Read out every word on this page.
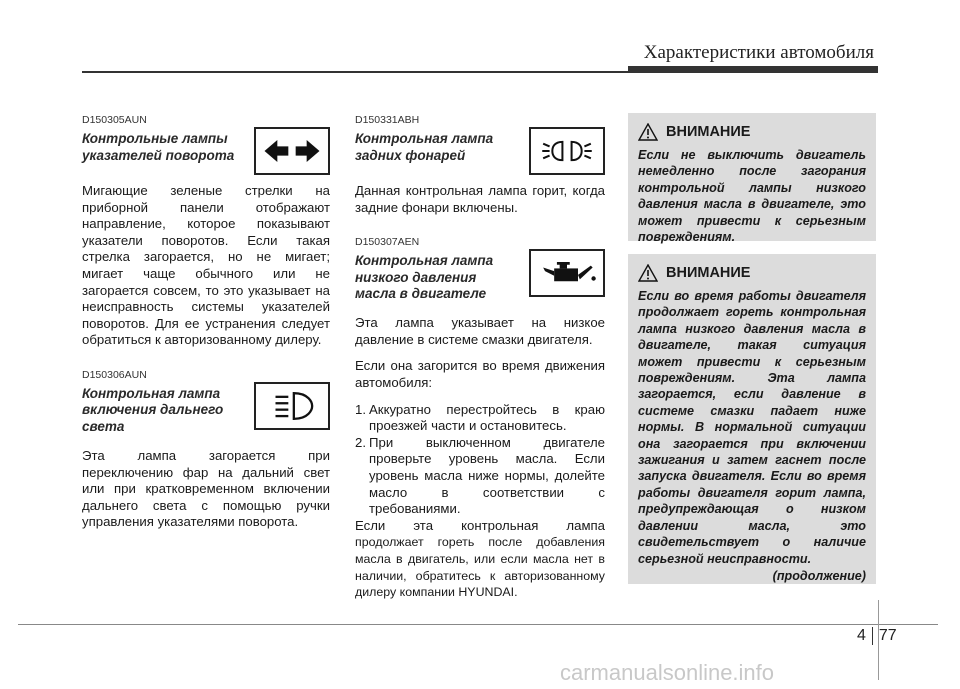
Характеристики автомобиля
D150305AUN
Контрольные лампы указателей поворота

Мигающие зеленые стрелки на приборной панели отображают направление, которое показывают указатели поворотов. Если такая стрелка загорается, но не мигает; мигает чаще обычного или не загорается совсем, то это указывает на неисправность системы указателей поворотов. Для ее устранения следует обратиться к авторизованному дилеру.

D150306AUN
Контрольная лампа включения дальнего света

Эта лампа загорается при переключению фар на дальний свет или при кратковременном включении дальнего света с помощью ручки управления указателями поворота.

D150331ABH
Контрольная лампа задних фонарей

Данная контрольная лампа горит, когда задние фонари включены.

D150307AEN
Контрольная лампа низкого давления масла в двигателе

Эта лампа указывает на низкое давление в системе смазки двигателя.

Если она загорится во время движения автомобиля:

1. Аккуратно перестройтесь в краю проезжей части и остановитесь.
2. При выключенном двигателе проверьте уровень масла. Если уровень масла ниже нормы, долейте масло в соответствии с требованиями.

Если эта контрольная лампа

продолжает гореть после добавления масла в двигатель, или если масла нет в наличии, обратитесь к авторизованному дилеру компании HYUNDAI.

ВНИМАНИЕ
Если не выключить двигатель немедленно после загорания контрольной лампы низкого давления масла в двигателе, это может привести к серьезным повреждениям.
ВНИМАНИЕ
Если во время работы двигателя продолжает гореть контрольная лампа низкого давления масла в двигателе, такая ситуация может привести к серьезным повреждениям. Эта лампа загорается, если давление в системе смазки падает ниже нормы. В нормальной ситуации она загорается при включении зажигания и затем гаснет после запуска двигателя. Если во время работы двигателя горит лампа, предупреждающая о низком давлении масла, это свидетельствует о наличие серьезной неисправности.
(продолжение)
4 77
carmanualsonline.info
